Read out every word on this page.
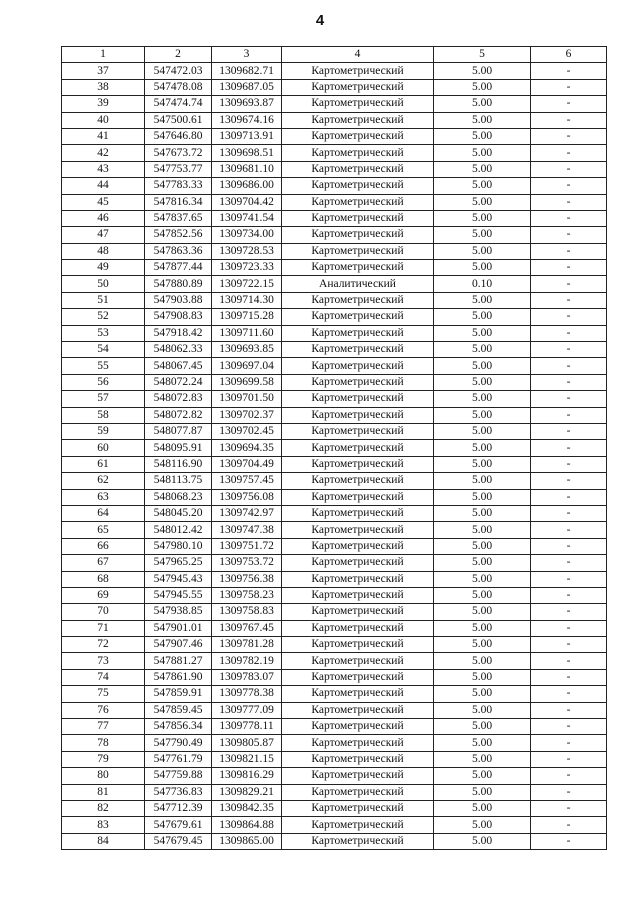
4
1	2	3	4	5	6
37	547472.03	1309682.71	Картометрический	5.00	-
38	547478.08	1309687.05	Картометрический	5.00	-
39	547474.74	1309693.87	Картометрический	5.00	-
40	547500.61	1309674.16	Картометрический	5.00	-
41	547646.80	1309713.91	Картометрический	5.00	-
42	547673.72	1309698.51	Картометрический	5.00	-
43	547753.77	1309681.10	Картометрический	5.00	-
44	547783.33	1309686.00	Картометрический	5.00	-
45	547816.34	1309704.42	Картометрический	5.00	-
46	547837.65	1309741.54	Картометрический	5.00	-
47	547852.56	1309734.00	Картометрический	5.00	-
48	547863.36	1309728.53	Картометрический	5.00	-
49	547877.44	1309723.33	Картометрический	5.00	-
50	547880.89	1309722.15	Аналитический	0.10	-
51	547903.88	1309714.30	Картометрический	5.00	-
52	547908.83	1309715.28	Картометрический	5.00	-
53	547918.42	1309711.60	Картометрический	5.00	-
54	548062.33	1309693.85	Картометрический	5.00	-
55	548067.45	1309697.04	Картометрический	5.00	-
56	548072.24	1309699.58	Картометрический	5.00	-
57	548072.83	1309701.50	Картометрический	5.00	-
58	548072.82	1309702.37	Картометрический	5.00	-
59	548077.87	1309702.45	Картометрический	5.00	-
60	548095.91	1309694.35	Картометрический	5.00	-
61	548116.90	1309704.49	Картометрический	5.00	-
62	548113.75	1309757.45	Картометрический	5.00	-
63	548068.23	1309756.08	Картометрический	5.00	-
64	548045.20	1309742.97	Картометрический	5.00	-
65	548012.42	1309747.38	Картометрический	5.00	-
66	547980.10	1309751.72	Картометрический	5.00	-
67	547965.25	1309753.72	Картометрический	5.00	-
68	547945.43	1309756.38	Картометрический	5.00	-
69	547945.55	1309758.23	Картометрический	5.00	-
70	547938.85	1309758.83	Картометрический	5.00	-
71	547901.01	1309767.45	Картометрический	5.00	-
72	547907.46	1309781.28	Картометрический	5.00	-
73	547881.27	1309782.19	Картометрический	5.00	-
74	547861.90	1309783.07	Картометрический	5.00	-
75	547859.91	1309778.38	Картометрический	5.00	-
76	547859.45	1309777.09	Картометрический	5.00	-
77	547856.34	1309778.11	Картометрический	5.00	-
78	547790.49	1309805.87	Картометрический	5.00	-
79	547761.79	1309821.15	Картометрический	5.00	-
80	547759.88	1309816.29	Картометрический	5.00	-
81	547736.83	1309829.21	Картометрический	5.00	-
82	547712.39	1309842.35	Картометрический	5.00	-
83	547679.61	1309864.88	Картометрический	5.00	-
84	547679.45	1309865.00	Картометрический	5.00	-
